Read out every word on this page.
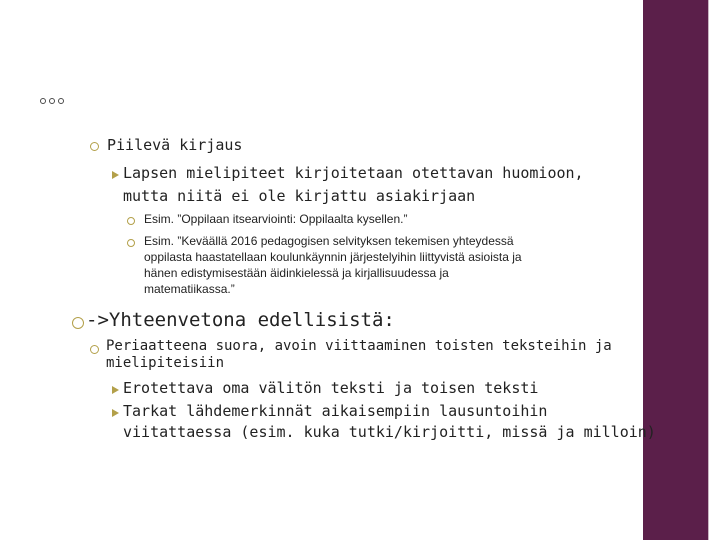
Piilevä kirjaus
Lapsen mielipiteet kirjoitetaan otettavan huomioon,
mutta niitä ei ole kirjattu asiakirjaan
Esim. ”Oppilaan itsearviointi: Oppilaalta kysellen.”
Esim. ”Keväällä 2016 pedagogisen selvityksen tekemisen yhteydessä
oppilasta haastatellaan koulunkäynnin järjestelyihin liittyvistä asioista ja
hänen edistymisestään äidinkielessä ja kirjallisuudessa ja
matematiikassa.”
->Yhteenvetona edellisistä:
Periaatteena suora, avoin viittaaminen toisten teksteihin ja
mielipiteisiin
Erotettava oma välitön teksti ja toisen teksti
Tarkat lähdemerkinnät aikaisempiin lausuntoihin
viitattaessa (esim. kuka tutki/kirjoitti, missä ja milloin)
